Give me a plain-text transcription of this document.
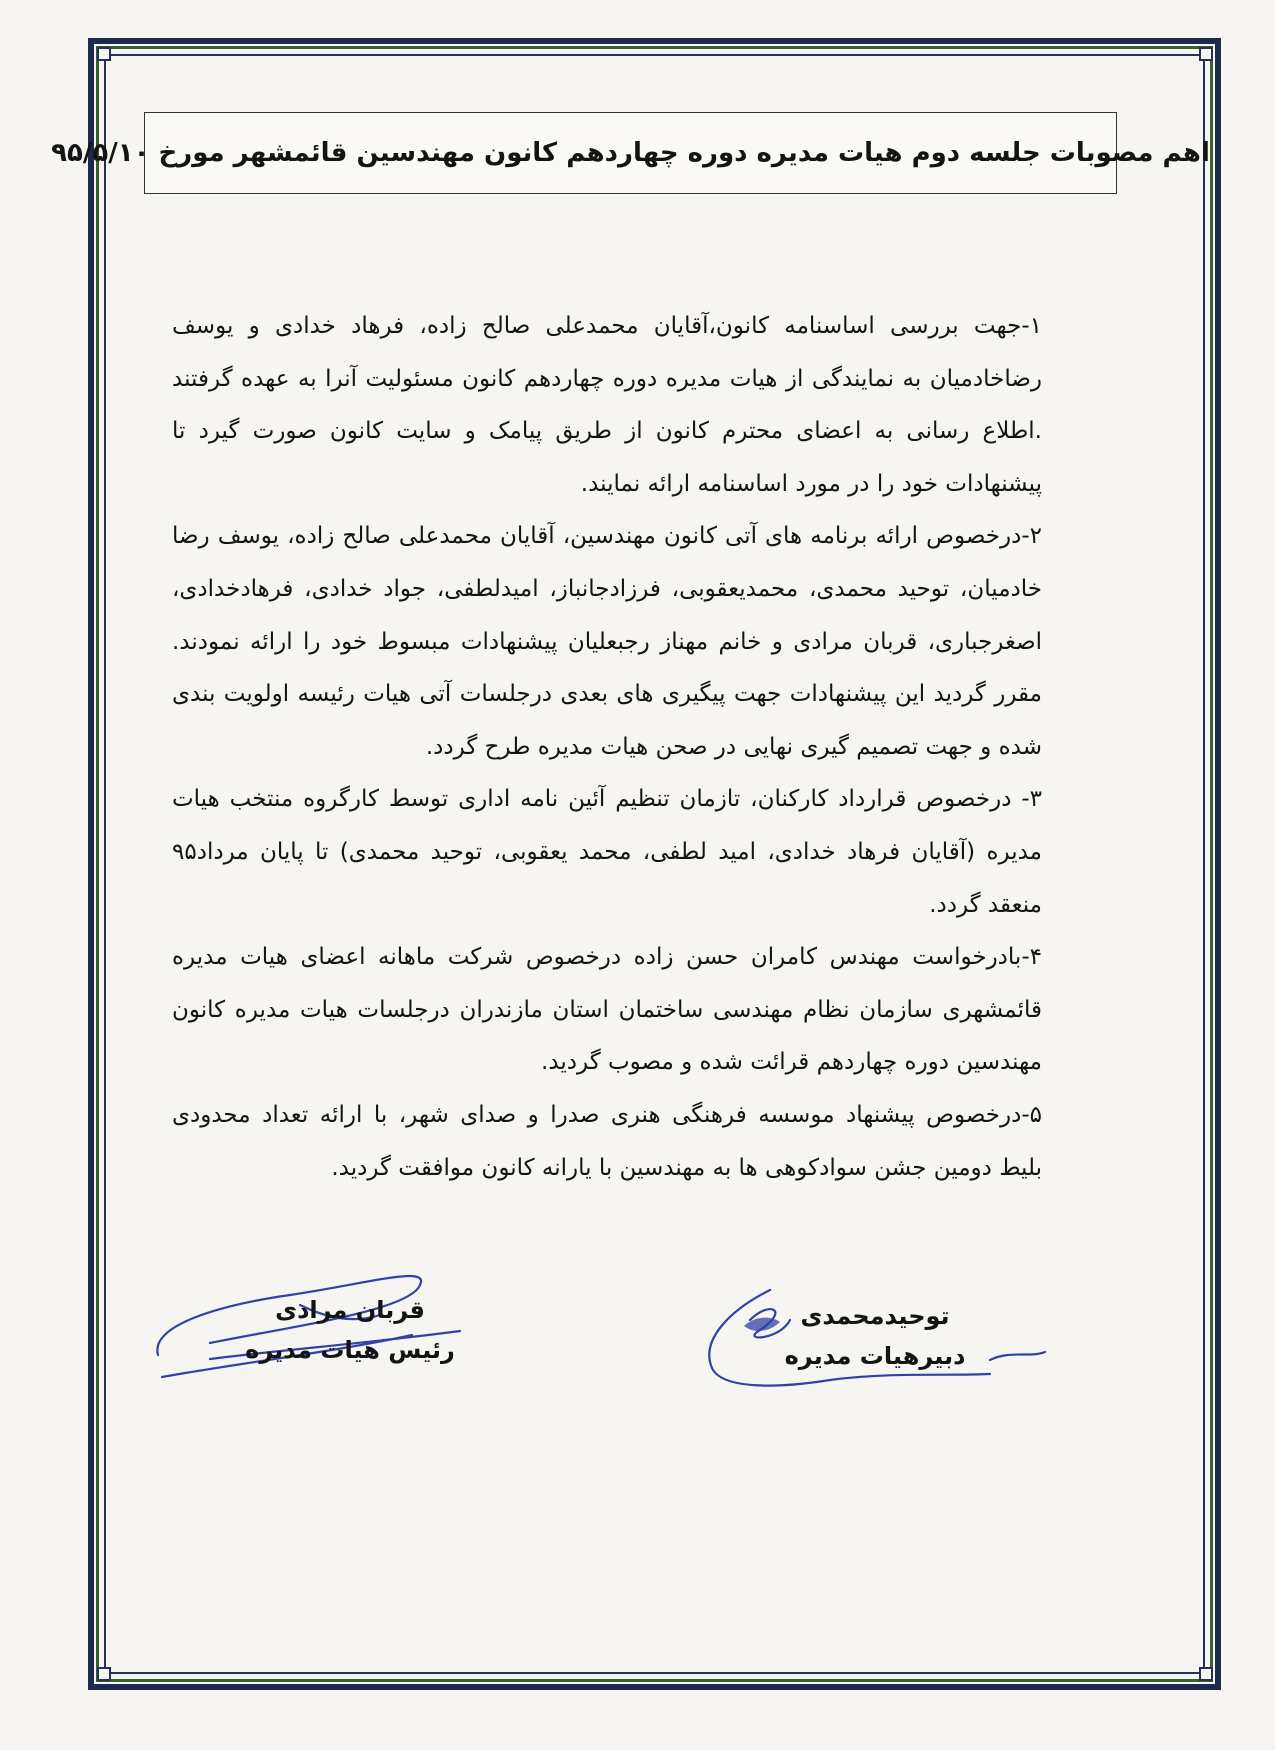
اهم مصوبات جلسه دوم هیات مدیره دوره چهاردهم کانون مهندسین قائمشهر مورخ ۹۵/۵/۱۰

۱-جهت بررسی اساسنامه کانون،آقایان محمدعلی صالح زاده، فرهاد خدادی و یوسف رضاخادمیان به نمایندگی از هیات مدیره دوره چهاردهم کانون مسئولیت آنرا به عهده گرفتند .اطلاع رسانی به اعضای محترم کانون از طریق پیامک و سایت کانون صورت گیرد تا پیشنهادات خود را در مورد اساسنامه ارائه نمایند.

۲-درخصوص ارائه برنامه های آتی کانون مهندسین، آقایان محمدعلی صالح زاده، یوسف رضا خادمیان، توحید محمدی، محمدیعقوبی، فرزادجانباز، امیدلطفی، جواد خدادی، فرهادخدادی، اصغرجباری، قربان مرادی و خانم مهناز رجبعلیان پیشنهادات مبسوط خود را ارائه نمودند. مقرر گردید این پیشنهادات جهت پیگیری های بعدی درجلسات آتی هیات رئیسه اولویت بندی شده و جهت تصمیم گیری نهایی در صحن هیات مدیره طرح گردد.

۳- درخصوص قرارداد کارکنان، تازمان تنظیم آئین نامه اداری توسط کارگروه منتخب هیات مدیره (آقایان فرهاد خدادی، امید لطفی، محمد یعقوبی، توحید محمدی) تا پایان مرداد۹۵ منعقد گردد.

۴-بادرخواست مهندس کامران حسن زاده درخصوص شرکت ماهانه اعضای هیات مدیره قائمشهری سازمان نظام مهندسی ساختمان استان مازندران درجلسات هیات مدیره کانون مهندسین دوره چهاردهم قرائت شده و مصوب گردید.

۵-درخصوص پیشنهاد موسسه فرهنگی هنری صدرا و صدای شهر، با ارائه تعداد محدودی بلیط دومین جشن سوادکوهی ها به مهندسین با یارانه کانون موافقت گردید.

قربان مرادی
رئیس هیات مدیره
توحیدمحمدی
دبیرهیات مدیره
